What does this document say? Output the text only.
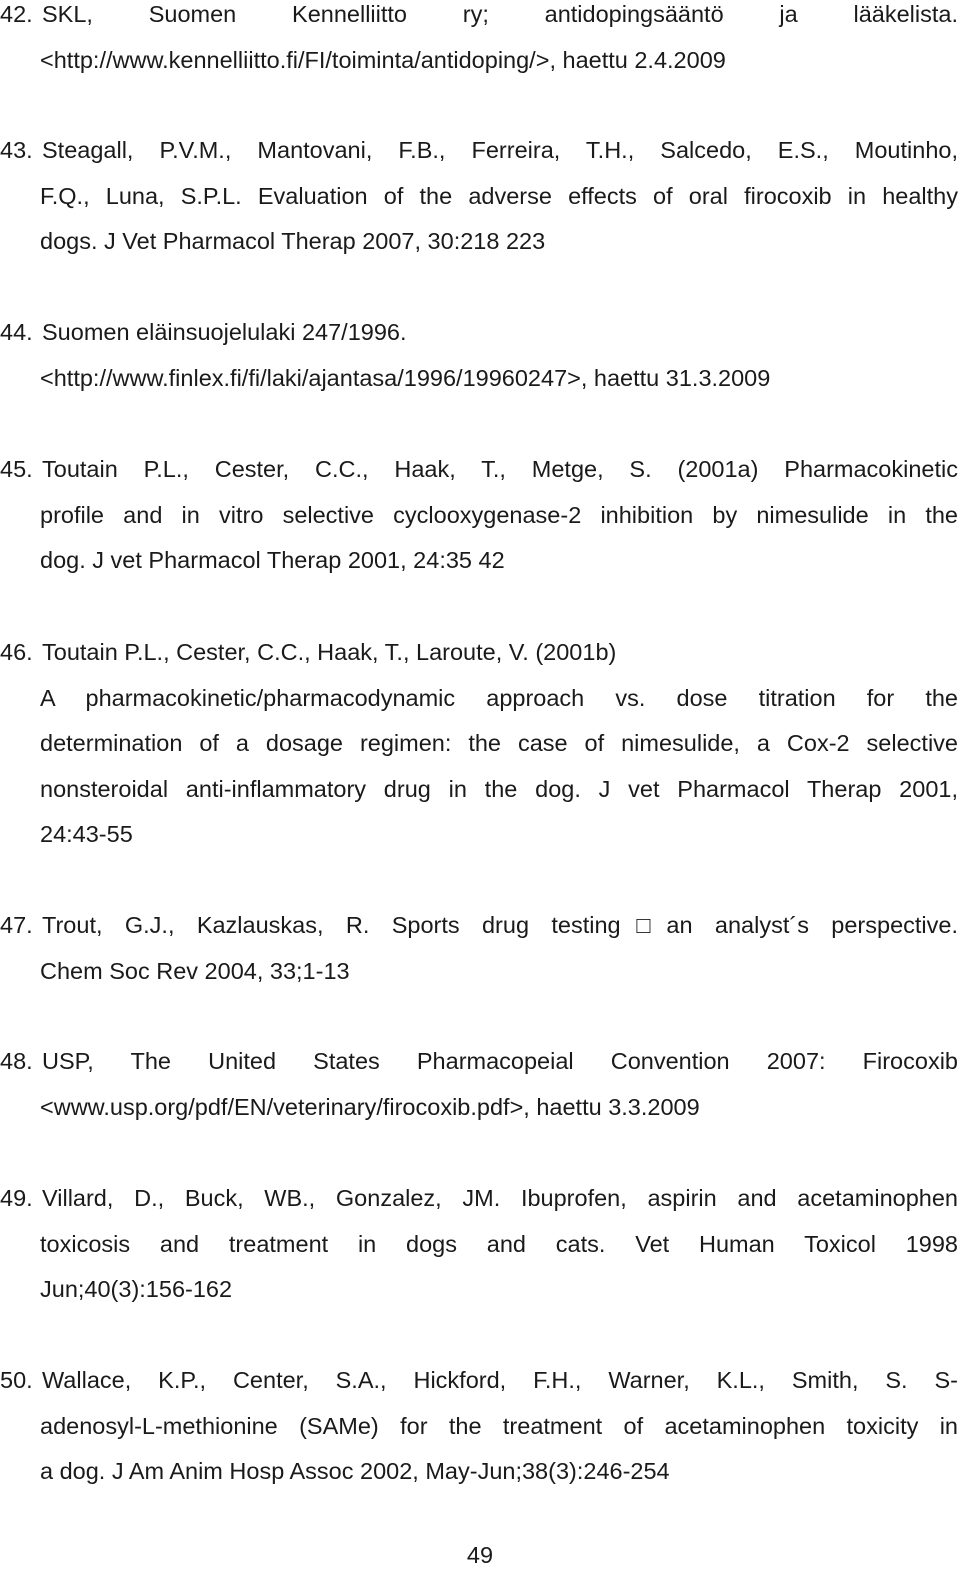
42. SKL, Suomen Kennelliitto ry; antidopingsääntö ja lääkelista.
<http://www.kennelliitto.fi/FI/toiminta/antidoping/>, haettu 2.4.2009
43. Steagall, P.V.M., Mantovani, F.B., Ferreira, T.H., Salcedo, E.S., Moutinho,
F.Q., Luna, S.P.L. Evaluation of the adverse effects of oral firocoxib in healthy
dogs. J Vet Pharmacol Therap 2007, 30:218 223
44. Suomen eläinsuojelulaki 247/1996.
<http://www.finlex.fi/fi/laki/ajantasa/1996/19960247>, haettu 31.3.2009
45. Toutain P.L., Cester, C.C., Haak, T., Metge, S. (2001a) Pharmacokinetic
profile and in vitro selective cyclooxygenase-2 inhibition by nimesulide in the
dog. J vet Pharmacol Therap 2001, 24:35 42
46. Toutain P.L., Cester, C.C., Haak, T., Laroute, V. (2001b)
A pharmacokinetic/pharmacodynamic approach vs. dose titration for the
determination of a dosage regimen: the case of nimesulide, a Cox-2 selective
nonsteroidal anti-inflammatory drug in the dog. J vet Pharmacol Therap 2001,
24:43-55
47. Trout, G.J., Kazlauskas, R. Sports drug testing□an analyst´s perspective.
Chem Soc Rev 2004, 33;1-13
48. USP, The United States Pharmacopeial Convention 2007: Firocoxib
<www.usp.org/pdf/EN/veterinary/firocoxib.pdf>, haettu 3.3.2009
49. Villard, D., Buck, WB., Gonzalez, JM. Ibuprofen, aspirin and acetaminophen
toxicosis and treatment in dogs and cats. Vet Human Toxicol 1998
Jun;40(3):156-162
50. Wallace, K.P., Center, S.A., Hickford, F.H., Warner, K.L., Smith, S. S-
adenosyl-L-methionine (SAMe) for the treatment of acetaminophen toxicity in
a dog. J Am Anim Hosp Assoc 2002, May-Jun;38(3):246-254
49
